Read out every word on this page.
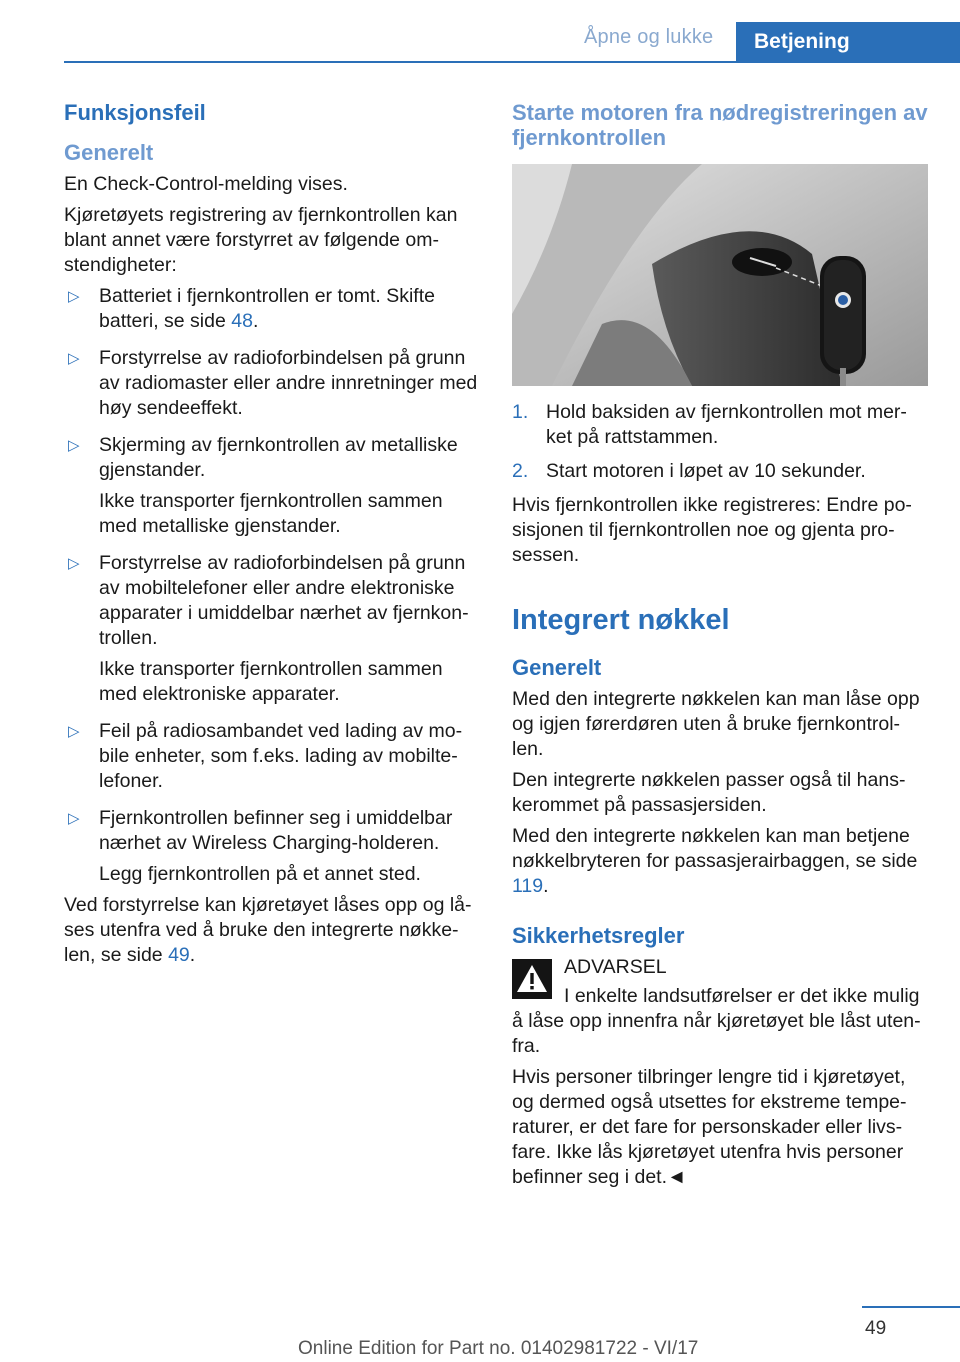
Åpne og lukke	Betjening
Funksjonsfeil
Generelt

En Check-Control-melding vises.

Kjøretøyets registrering av fjernkontrollen kan blant annet være forstyrret av følgende om-stendigheter:

▷ Batteriet i fjernkontrollen er tomt. Skifte batteri, se side 48.
▷ Forstyrrelse av radioforbindelsen på grunn av radiomaster eller andre innretninger med høy sendeeffekt.
▷ Skjerming av fjernkontrollen av metalliske gjenstander.
Ikke transporter fjernkontrollen sammen med metalliske gjenstander.
▷ Forstyrrelse av radioforbindelsen på grunn av mobiltelefoner eller andre elektroniske apparater i umiddelbar nærhet av fjernkon-trollen.
Ikke transporter fjernkontrollen sammen med elektroniske apparater.
▷ Feil på radiosambandet ved lading av mo-bile enheter, som f.eks. lading av mobilte-lefoner.
▷ Fjernkontrollen befinner seg i umiddelbar nærhet av Wireless Charging-holderen.
Legg fjernkontrollen på et annet sted.

Ved forstyrrelse kan kjøretøyet låses opp og lå-ses utenfra ved å bruke den integrerte nøkke-len, se side 49.

Starte motoren fra nødregistreringen av fjernkontrollen
1. Hold baksiden av fjernkontrollen mot mer-ket på rattstammen.
2. Start motoren i løpet av 10 sekunder.

Hvis fjernkontrollen ikke registreres: Endre po-sisjonen til fjernkontrollen noe og gjenta pro-sessen.

Integrert nøkkel
Generelt

Med den integrerte nøkkelen kan man låse opp og igjen førerdøren uten å bruke fjernkontrol-len.

Den integrerte nøkkelen passer også til hans-kerommet på passasjersiden.

Med den integrerte nøkkelen kan man betjene nøkkelbryteren for passasjerairbaggen, se side 119.

Sikkerhetsregler

ADVARSEL

I enkelte landsutførelser er det ikke mulig

å låse opp innenfra når kjøretøyet ble låst uten-fra.

Hvis personer tilbringer lengre tid i kjøretøyet, og dermed også utsettes for ekstreme tempe-raturer, er det fare for personskader eller livs-fare. Ikke lås kjøretøyet utenfra hvis personer befinner seg i det.◄

49
Online Edition for Part no. 01402981722 - VI/17
